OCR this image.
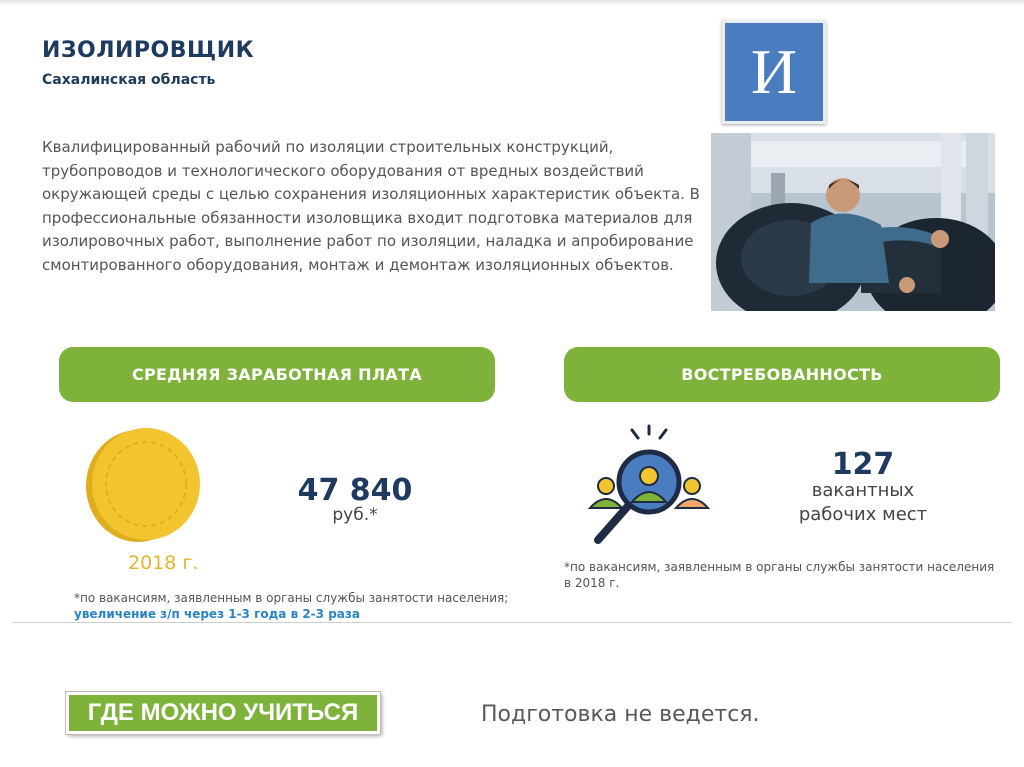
ИЗОЛИРОВЩИК
Сахалинская область

Квалифицированный рабочий по изоляции строительных конструкций, трубопроводов и технологического оборудования от вредных воздействий окружающей среды с целью сохранения изоляционных характеристик объекта. В профессиональные обязанности изоловщика входит подготовка материалов для изолировочных работ, выполнение работ по изоляции, наладка и апробирование смонтированного оборудования, монтаж и демонтаж изоляционных объектов.

И
СРЕДНЯЯ ЗАРАБОТНАЯ ПЛАТА	ВОСТРЕБОВАННОСТЬ
2018 г.
47 840
руб.*
*по вакансиям, заявленным в органы службы занятости населения;
увеличение з/п через 1-3 года в 2-3 раза
127
вакантных
рабочих мест
*по вакансиям, заявленным в органы службы занятости населения в 2018 г.
ГДЕ МОЖНО УЧИТЬСЯ	Подготовка не ведется.
